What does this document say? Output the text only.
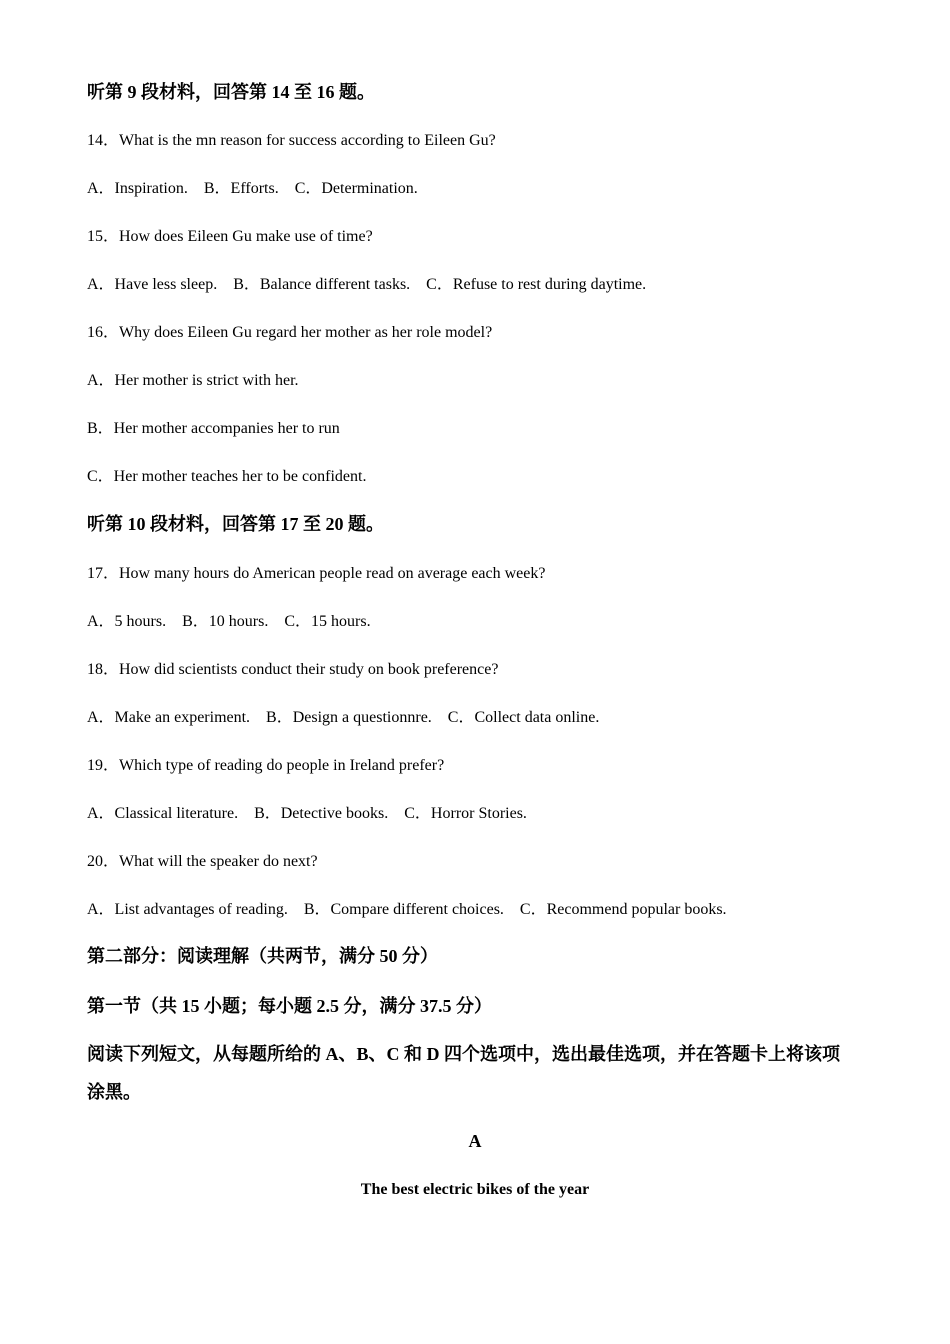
听第 9 段材料，回答第 14 至 16 题。
14．What is the mn reason for success according to Eileen Gu?
A．Inspiration.    B．Efforts.    C．Determination.
15．How does Eileen Gu make use of time?
A．Have less sleep.    B．Balance different tasks.    C．Refuse to rest during daytime.
16．Why does Eileen Gu regard her mother as her role model?
A．Her mother is strict with her.
B．Her mother accompanies her to run
C．Her mother teaches her to be confident.
听第 10 段材料，回答第 17 至 20 题。
17．How many hours do American people read on average each week?
A．5 hours.    B．10 hours.    C．15 hours.
18．How did scientists conduct their study on book preference?
A．Make an experiment.    B．Design a questionnre.    C．Collect data online.
19．Which type of reading do people in Ireland prefer?
A．Classical literature.    B．Detective books.    C．Horror Stories.
20．What will the speaker do next?
A．List advantages of reading.    B．Compare different choices.    C．Recommend popular books.
第二部分：阅读理解（共两节，满分 50 分）
第一节（共 15 小题；每小题 2.5 分，满分 37.5 分）
阅读下列短文，从每题所给的 A、B、C 和 D 四个选项中，选出最佳选项，并在答题卡上将该项涂黑。
A
The best electric bikes of the year
